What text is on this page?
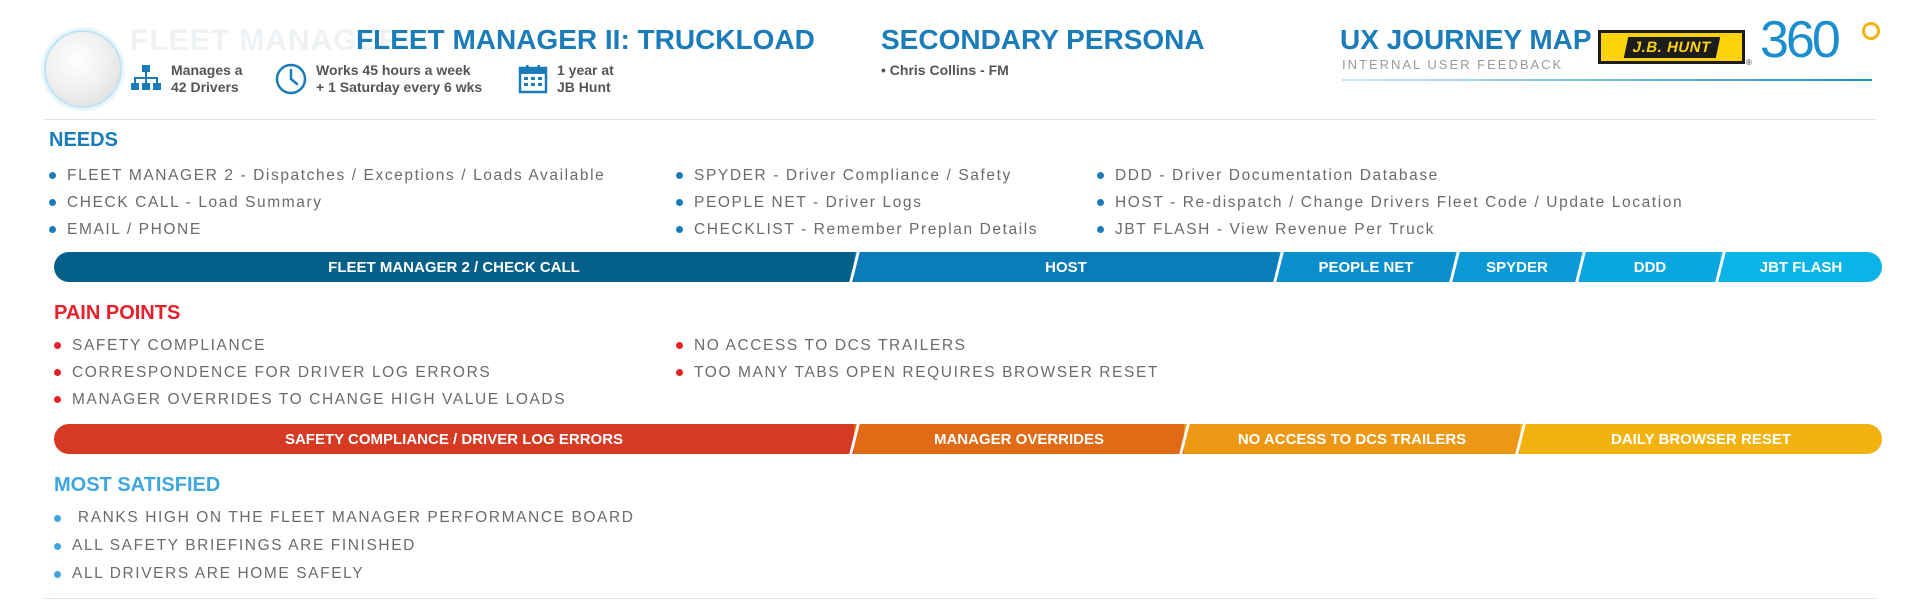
FLEET MANAGER
FLEET MANAGER II: TRUCKLOAD
Manages a
42 Drivers
Works 45 hours a week
+ 1 Saturday every 6 wks
1 year at
JB Hunt
SECONDARY PERSONA
• Chris Collins - FM
UX JOURNEY MAP
INTERNAL USER FEEDBACK
J.B. HUNT
® 360
NEEDS
FLEET MANAGER 2 - Dispatches / Exceptions / Loads Available
CHECK CALL - Load Summary
EMAIL / PHONE
SPYDER - Driver Compliance / Safety
PEOPLE NET - Driver Logs
CHECKLIST - Remember Preplan Details
DDD - Driver Documentation Database
HOST - Re-dispatch / Change Drivers Fleet Code / Update Location
JBT FLASH - View Revenue Per Truck
FLEET MANAGER 2 / CHECK CALL	HOST	PEOPLE NET	SPYDER	DDD	JBT FLASH
PAIN POINTS
SAFETY COMPLIANCE
CORRESPONDENCE FOR DRIVER LOG ERRORS
MANAGER OVERRIDES TO CHANGE HIGH VALUE LOADS
NO ACCESS TO DCS TRAILERS
TOO MANY TABS OPEN REQUIRES BROWSER RESET
SAFETY COMPLIANCE / DRIVER LOG ERRORS	MANAGER OVERRIDES	NO ACCESS TO DCS TRAILERS	DAILY BROWSER RESET
MOST SATISFIED
RANKS HIGH ON THE FLEET MANAGER PERFORMANCE BOARD
ALL SAFETY BRIEFINGS ARE FINISHED
ALL DRIVERS ARE HOME SAFELY
